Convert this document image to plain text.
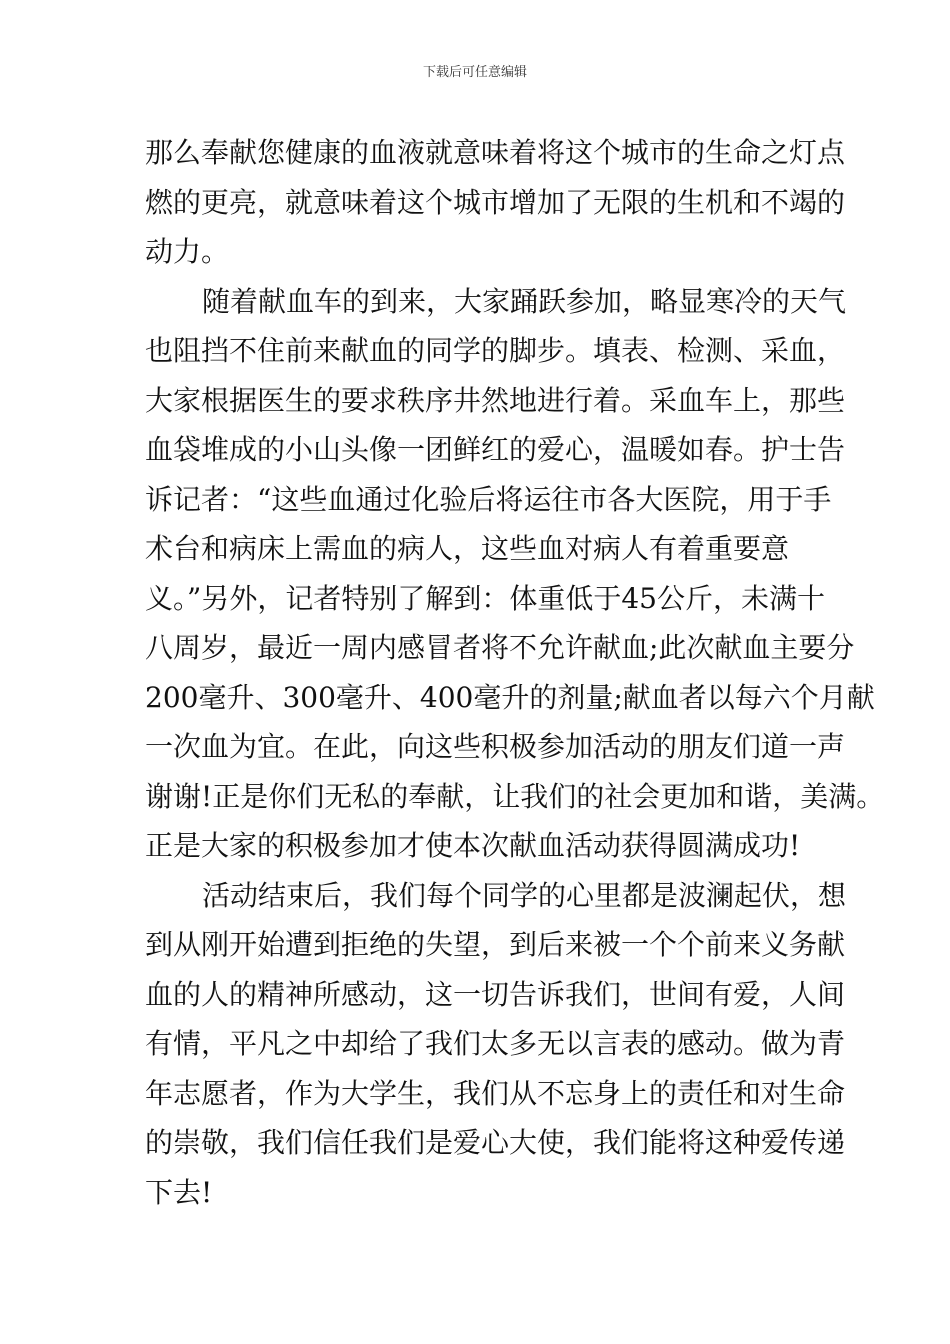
下载后可任意编辑
那么奉献您健康的血液就意味着将这个城市的生命之灯点
燃的更亮，就意味着这个城市增加了无限的生机和不竭的
动力。
随着献血车的到来，大家踊跃参加，略显寒冷的天气
也阻挡不住前来献血的同学的脚步。填表、检测、采血，
大家根据医生的要求秩序井然地进行着。采血车上，那些
血袋堆成的小山头像一团鲜红的爱心，温暖如春。护士告
诉记者：“这些血通过化验后将运往市各大医院，用于手
术台和病床上需血的病人，这些血对病人有着重要意
义。”另外，记者特别了解到：体重低于45公斤，未满十
八周岁，最近一周内感冒者将不允许献血;此次献血主要分
200毫升、300毫升、400毫升的剂量;献血者以每六个月献
一次血为宜。在此，向这些积极参加活动的朋友们道一声
谢谢!正是你们无私的奉献，让我们的社会更加和谐，美满。
正是大家的积极参加才使本次献血活动获得圆满成功!
活动结束后，我们每个同学的心里都是波澜起伏，想
到从刚开始遭到拒绝的失望，到后来被一个个前来义务献
血的人的精神所感动，这一切告诉我们，世间有爱，人间
有情，平凡之中却给了我们太多无以言表的感动。做为青
年志愿者，作为大学生，我们从不忘身上的责任和对生命
的崇敬，我们信任我们是爱心大使，我们能将这种爱传递
下去!
